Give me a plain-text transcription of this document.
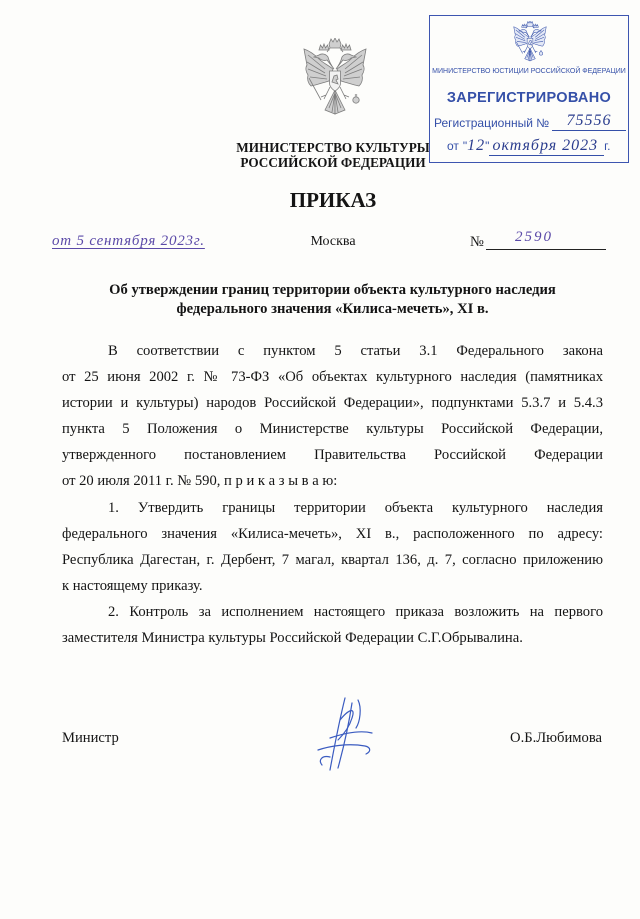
МИНИСТЕРСТВО КУЛЬТУРЫ
РОССИЙСКОЙ ФЕДЕРАЦИИ
ПРИКАЗ
МИНИСТЕРСТВО ЮСТИЦИИ РОССИЙСКОЙ ФЕДЕРАЦИИ
ЗАРЕГИСТРИРОВАНО
Регистрационный №	75556
от " 12 " октября 2023 г.
от 5 сентября 2023г.	Москва	№ 2590
Об утверждении границ территории объекта культурного наследия
федерального значения «Килиса-мечеть», XI в.
В соответствии с пунктом 5 статьи 3.1 Федерального закона
от 25 июня 2002 г. № 73-ФЗ «Об объектах культурного наследия (памятниках
истории и культуры) народов Российской Федерации», подпунктами 5.3.7 и 5.4.3
пункта 5 Положения о Министерстве культуры Российской Федерации,
утвержденного постановлением Правительства Российской Федерации
от 20 июля 2011 г. № 590, п р и к а з ы в а ю:
1. Утвердить границы территории объекта культурного наследия
федерального значения «Килиса-мечеть», XI в., расположенного по адресу:
Республика Дагестан, г. Дербент, 7 магал, квартал 136, д. 7, согласно приложению
к настоящему приказу.
2. Контроль за исполнением настоящего приказа возложить на первого
заместителя Министра культуры Российской Федерации С.Г.Обрывалина.
Министр	О.Б.Любимова
